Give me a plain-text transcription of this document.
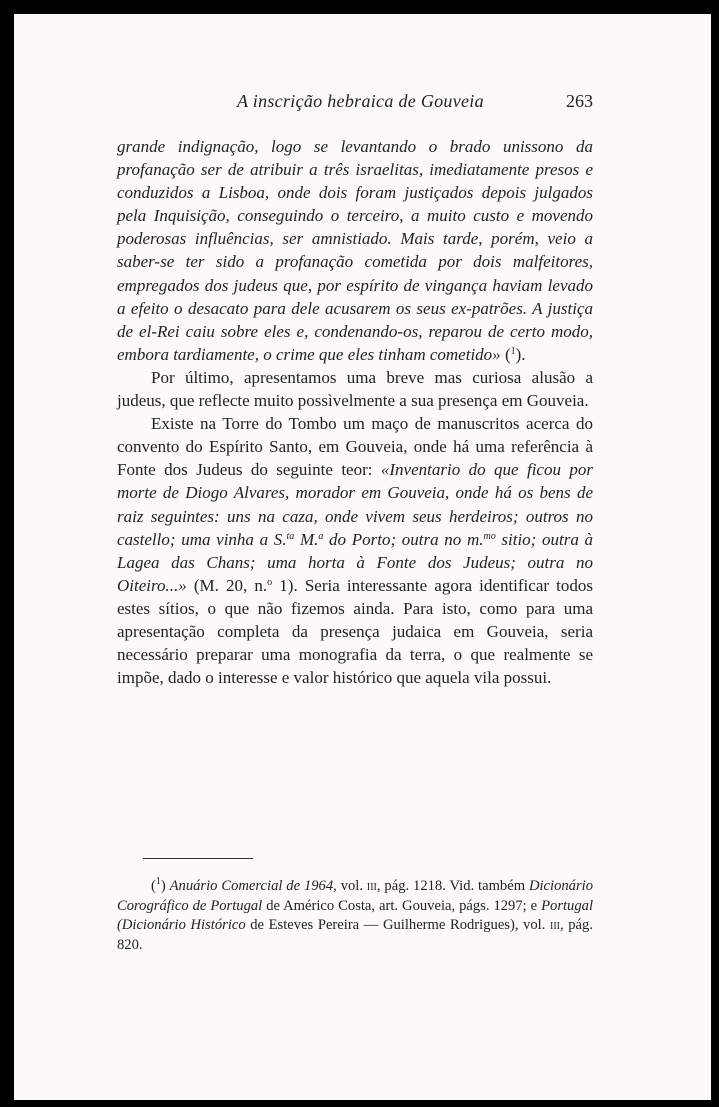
A inscrição hebraica de Gouveia	263

grande indignação, logo se levantando o brado unissono da profanação ser de atribuir a três israelitas, imediatamente presos e conduzidos a Lisboa, onde dois foram justiçados depois julgados pela Inquisição, conseguindo o terceiro, a muito custo e movendo poderosas influências, ser amnistiado. Mais tarde, porém, veio a saber-se ter sido a profanação cometida por dois malfeitores, empregados dos judeus que, por espírito de vingança haviam levado a efeito o desacato para dele acusarem os seus ex-patrões. A justiça de el-Rei caiu sobre eles e, condenando-os, reparou de certo modo, embora tardiamente, o crime que eles tinham cometido» ($^1$).

Por último, apresentamos uma breve mas curiosa alusão a judeus, que reflecte muito possìvelmente a sua presença em Gouveia.

Existe na Torre do Tombo um maço de manuscritos acerca do convento do Espírito Santo, em Gouveia, onde há uma referência à Fonte dos Judeus do seguinte teor: «Inventario do que ficou por morte de Diogo Alvares, morador em Gouveia, onde há os bens de raiz seguintes: uns na caza, onde vivem seus herdeiros; outros no castello; uma vinha a S.$^{ta}$ M.$^a$ do Porto; outra no m.$^{mo}$ sitio; outra à Lagea das Chans; uma horta à Fonte dos Judeus; outra no Oiteiro...» (M. 20, n.$^o$ 1). Seria interessante agora identificar todos estes sítios, o que não fizemos ainda. Para isto, como para uma apresentação completa da presença judaica em Gouveia, seria necessário preparar uma monografia da terra, o que realmente se impõe, dado o interesse e valor histórico que aquela vila possui.

($^1$) Anuário Comercial de 1964, vol. iii, pág. 1218. Vid. também Dicionário Corográfico de Portugal de Américo Costa, art. Gouveia, págs. 1297; e Portugal (Dicionário Histórico de Esteves Pereira — Guilherme Rodrigues), vol. iii, pág. 820.
